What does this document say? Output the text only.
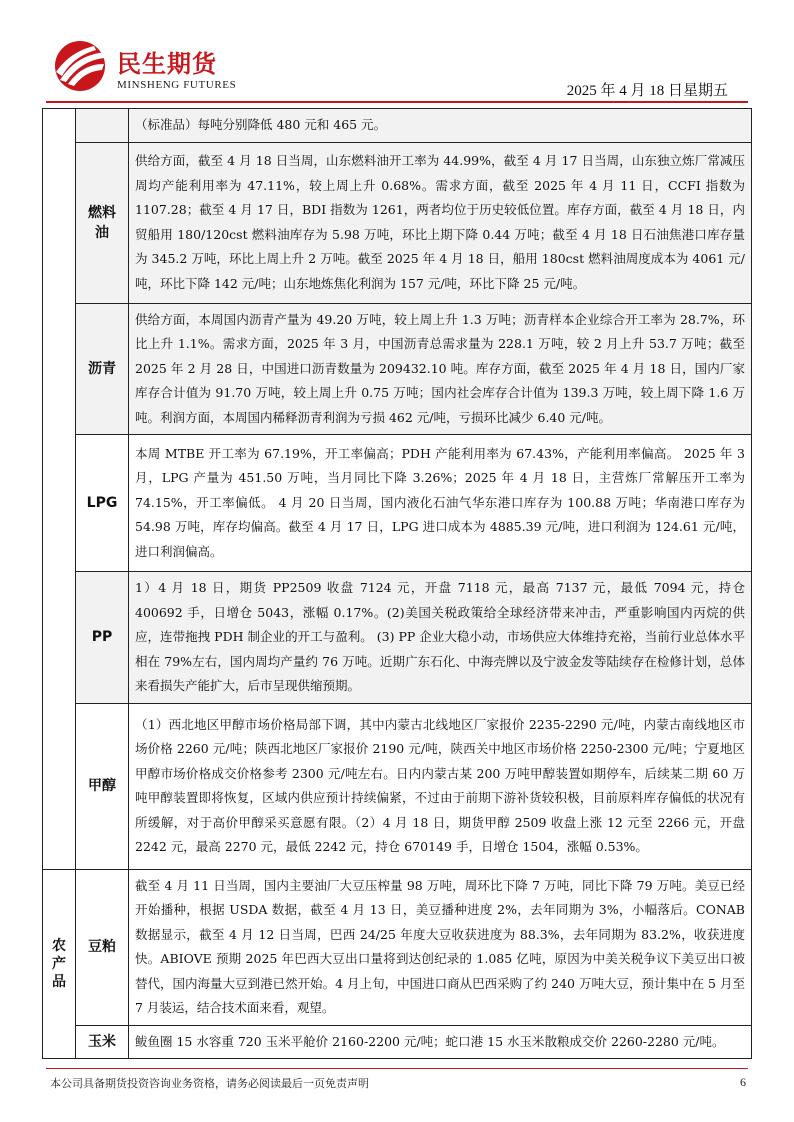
民生期货
MINSHENG FUTURES	2025 年 4 月 18 日星期五
		（标准品）每吨分别降低 480 元和 465 元。
	燃料油	供给方面，截至 4 月 18 日当周，山东燃料油开工率为 44.99%，截至 4 月 17 日当周，山东独立炼厂常减压周均产能利用率为 47.11%，较上周上升 0.68%。需求方面，截至 2025 年 4 月 11 日，CCFI 指数为 1107.28；截至 4 月 17 日，BDI 指数为 1261，两者均位于历史较低位置。库存方面，截至 4 月 18 日，内贸船用 180/120cst 燃料油库存为 5.98 万吨，环比上期下降 0.44 万吨；截至 4 月 18 日石油焦港口库存量为 345.2 万吨，环比上周上升 2 万吨。截至 2025 年 4 月 18 日，船用 180cst 燃料油周度成本为 4061 元/吨，环比下降 142 元/吨；山东地炼焦化利润为 157 元/吨，环比下降 25 元/吨。
	沥青	供给方面，本周国内沥青产量为 49.20 万吨，较上周上升 1.3 万吨；沥青样本企业综合开工率为 28.7%，环比上升 1.1%。需求方面，2025 年 3 月，中国沥青总需求量为 228.1 万吨，较 2 月上升 53.7 万吨；截至 2025 年 2 月 28 日，中国进口沥青数量为 209432.10 吨。库存方面，截至 2025 年 4 月 18 日，国内厂家库存合计值为 91.70 万吨，较上周上升 0.75 万吨；国内社会库存合计值为 139.3 万吨，较上周下降 1.6 万吨。利润方面，本周国内稀释沥青利润为亏损 462 元/吨，亏损环比减少 6.40 元/吨。
	LPG	本周 MTBE 开工率为 67.19%，开工率偏高；PDH 产能利用率为 67.43%，产能利用率偏高。 2025 年 3 月，LPG 产量为 451.50 万吨，当月同比下降 3.26%；2025 年 4 月 18 日，主营炼厂常解压开工率为 74.15%，开工率偏低。 4 月 20 日当周，国内液化石油气华东港口库存为 100.88 万吨；华南港口库存为 54.98 万吨，库存均偏高。截至 4 月 17 日，LPG 进口成本为 4885.39 元/吨，进口利润为 124.61 元/吨，进口利润偏高。
	PP	1）4 月 18 日，期货 PP2509 收盘 7124 元，开盘 7118 元，最高 7137 元，最低 7094 元，持仓 400692 手，日增仓 5043，涨幅 0.17%。(2)美国关税政策给全球经济带来冲击，严重影响国内丙烷的供应，连带拖拽 PDH 制企业的开工与盈利。 (3) PP 企业大稳小动，市场供应大体维持充裕，当前行业总体水平相在 79%左右，国内周均产量约 76 万吨。近期广东石化、中海壳牌以及宁波金发等陆续存在检修计划，总体来看损失产能扩大，后市呈现供缩预期。
	甲醇	（1）西北地区甲醇市场价格局部下调，其中内蒙古北线地区厂家报价 2235-2290 元/吨，内蒙古南线地区市场价格 2260 元/吨；陕西北地区厂家报价 2190 元/吨，陕西关中地区市场价格 2250-2300 元/吨；宁夏地区甲醇市场价格成交价格参考 2300 元/吨左右。日内内蒙古某 200 万吨甲醇装置如期停车，后续某二期 60 万吨甲醇装置即将恢复，区域内供应预计持续偏紧，不过由于前期下游补货较积极，目前原料库存偏低的状况有所缓解，对于高价甲醇采买意愿有限。（2）4 月 18 日，期货甲醇 2509 收盘上涨 12 元至 2266 元，开盘 2242 元，最高 2270 元，最低 2242 元，持仓 670149 手，日增仓 1504，涨幅 0.53%。
农产品	豆粕	截至 4 月 11 日当周，国内主要油厂大豆压榨量 98 万吨，周环比下降 7 万吨，同比下降 79 万吨。美豆已经开始播种，根据 USDA 数据，截至 4 月 13 日，美豆播种进度 2%，去年同期为 3%，小幅落后。CONAB 数据显示，截至 4 月 12 日当周，巴西 24/25 年度大豆收获进度为 88.3%，去年同期为 83.2%，收获进度快。ABIOVE 预期 2025 年巴西大豆出口量将到达创纪录的 1.085 亿吨，原因为中美关税争议下美豆出口被替代，国内海量大豆到港已然开始。4 月上旬，中国进口商从巴西采购了约 240 万吨大豆，预计集中在 5 月至 7 月装运，结合技术面来看，观望。
	玉米	鲅鱼圈 15 水容重 720 玉米平舱价 2160-2200 元/吨；蛇口港 15 水玉米散粮成交价 2260-2280 元/吨。
本公司具备期货投资咨询业务资格，请务必阅读最后一页免责声明	6
